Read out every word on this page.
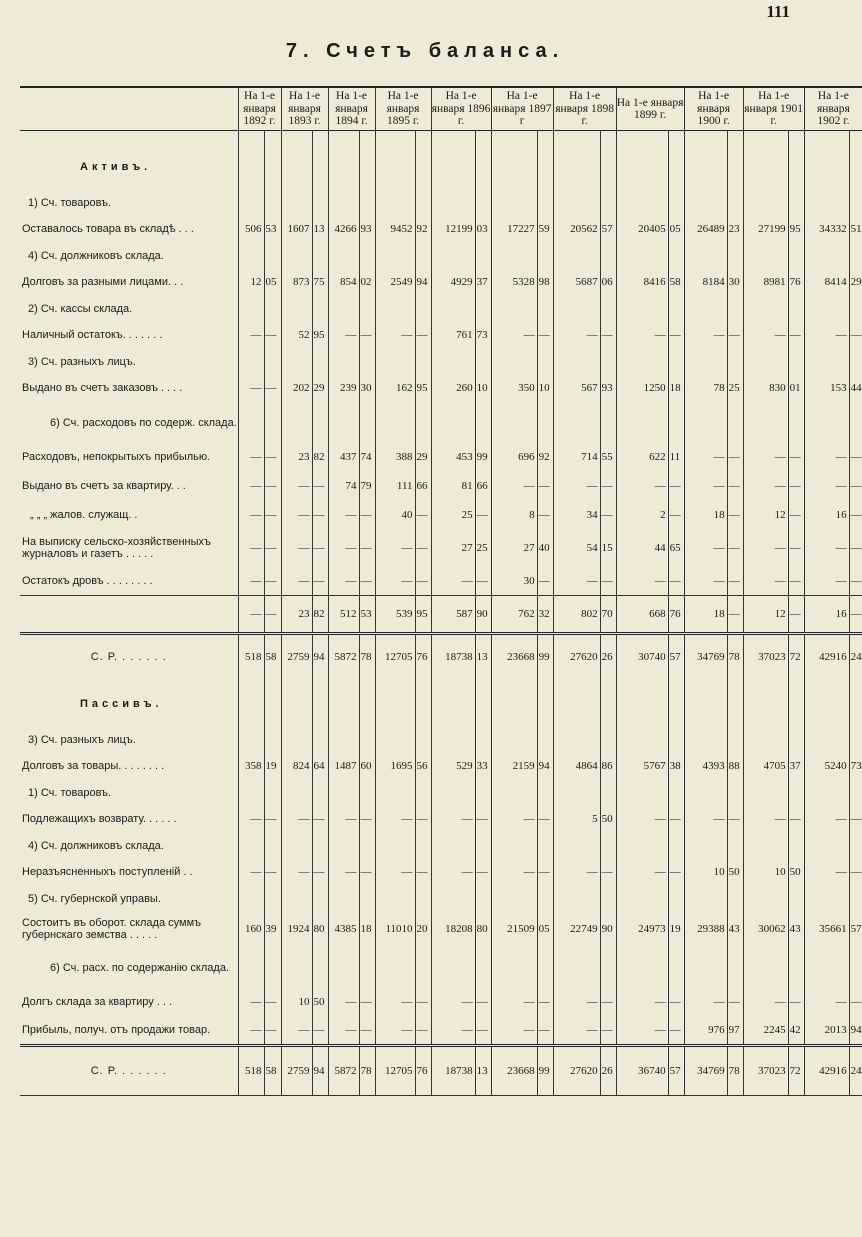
111
7. Счетъ баланса.
	На 1-е января 1892 г.		На 1-е января 1893 г.		На 1-е января 1894 г.		На 1-е января 1895 г.		На 1-е января 1896 г.		На 1-е января 1897 г		На 1-е января 1898 г.		На 1-е января 1899 г.		На 1-е января 1900 г.		На 1-е января 1901 г.		На 1-е января 1902 г.	

Активъ.																						
1) Сч. товаровъ.																						
Оставалось товара въ складѣ . . .	506	53	1607	13	4266	93	9452	92	12199	03	17227	59	20562	57	20405	05	26489	23	27199	95	34332	51
4) Сч. должниковъ склада.																						
Долговъ за разными лицами. . .	12	05	873	75	854	02	2549	94	4929	37	5328	98	5687	06	8416	58	8184	30	8981	76	8414	29
2) Сч. кассы склада.																						
Наличный остатокъ. . . . . . .	—	—	52	95	—	—	—	—	761	73	—	—	—	—	—	—	—	—	—	—	—	—
3) Сч. разныхъ лицъ.																						
Выдано въ счетъ заказовъ . . . .	—	—	202	29	239	30	162	95	260	10	350	10	567	93	1250	18	78	25	830	01	153	44
6) Сч. расходовъ по содерж. склада.																						
Расходовъ, непокрытыхъ прибылью.	—	—	23	82	437	74	388	29	453	99	696	92	714	55	622	11	—	—	—	—	—	—
Выдано въ счетъ за квартиру. . .	—	—	—	—	74	79	111	66	81	66	—	—	—	—	—	—	—	—	—	—	—	—
„ „ „ жалов. служащ. .	—	—	—	—	—	—	40	—	25	—	8	—	34	—	2	—	18	—	12	—	16	—
На выписку сельско-хозяйственныхъ журналовъ и газетъ . . . . .	—	—	—	—	—	—	—	—	27	25	27	40	54	15	44	65	—	—	—	—	—	—
Остатокъ дровъ . . . . . . . .	—	—	—	—	—	—	—	—	—	—	30	—	—	—	—	—	—	—	—	—	—	—
	—	—	23	82	512	53	539	95	587	90	762	32	802	70	668	76	18	—	12	—	16	—
С. Р. . . . . . .	518	58	2759	94	5872	78	12705	76	18738	13	23668	99	27620	26	30740	57	34769	78	37023	72	42916	24
Пассивъ.																						
3) Сч. разныхъ лицъ.																						
Долговъ за товары. . . . . . . .	358	19	824	64	1487	60	1695	56	529	33	2159	94	4864	86	5767	38	4393	88	4705	37	5240	73
1) Сч. товаровъ.																						
Подлежащихъ возврату. . . . . .	—	—	—	—	—	—	—	—	—	—	—	—	5	50	—	—	—	—	—	—	—	—
4) Сч. должниковъ склада.																						
Неразъясненныхъ поступленій . .	—	—	—	—	—	—	—	—	—	—	—	—	—	—	—	—	10	50	10	50	—	—
5) Сч. губернской управы.																						
Состоитъ въ оборот. склада суммъ губернскаго земства . . . . .	160	39	1924	80	4385	18	11010	20	18208	80	21509	05	22749	90	24973	19	29388	43	30062	43	35661	57
6) Сч. расх. по содержанію склада.																						
Долгъ склада за квартиру . . .	—	—	10	50	—	—	—	—	—	—	—	—	—	—	—	—	—	—	—	—	—	—
Прибыль, получ. отъ продажи товар.	—	—	—	—	—	—	—	—	—	—	—	—	—	—	—	—	976	97	2245	42	2013	94
С. Р. . . . . . .	518	58	2759	94	5872	78	12705	76	18738	13	23668	99	27620	26	36740	57	34769	78	37023	72	42916	24
